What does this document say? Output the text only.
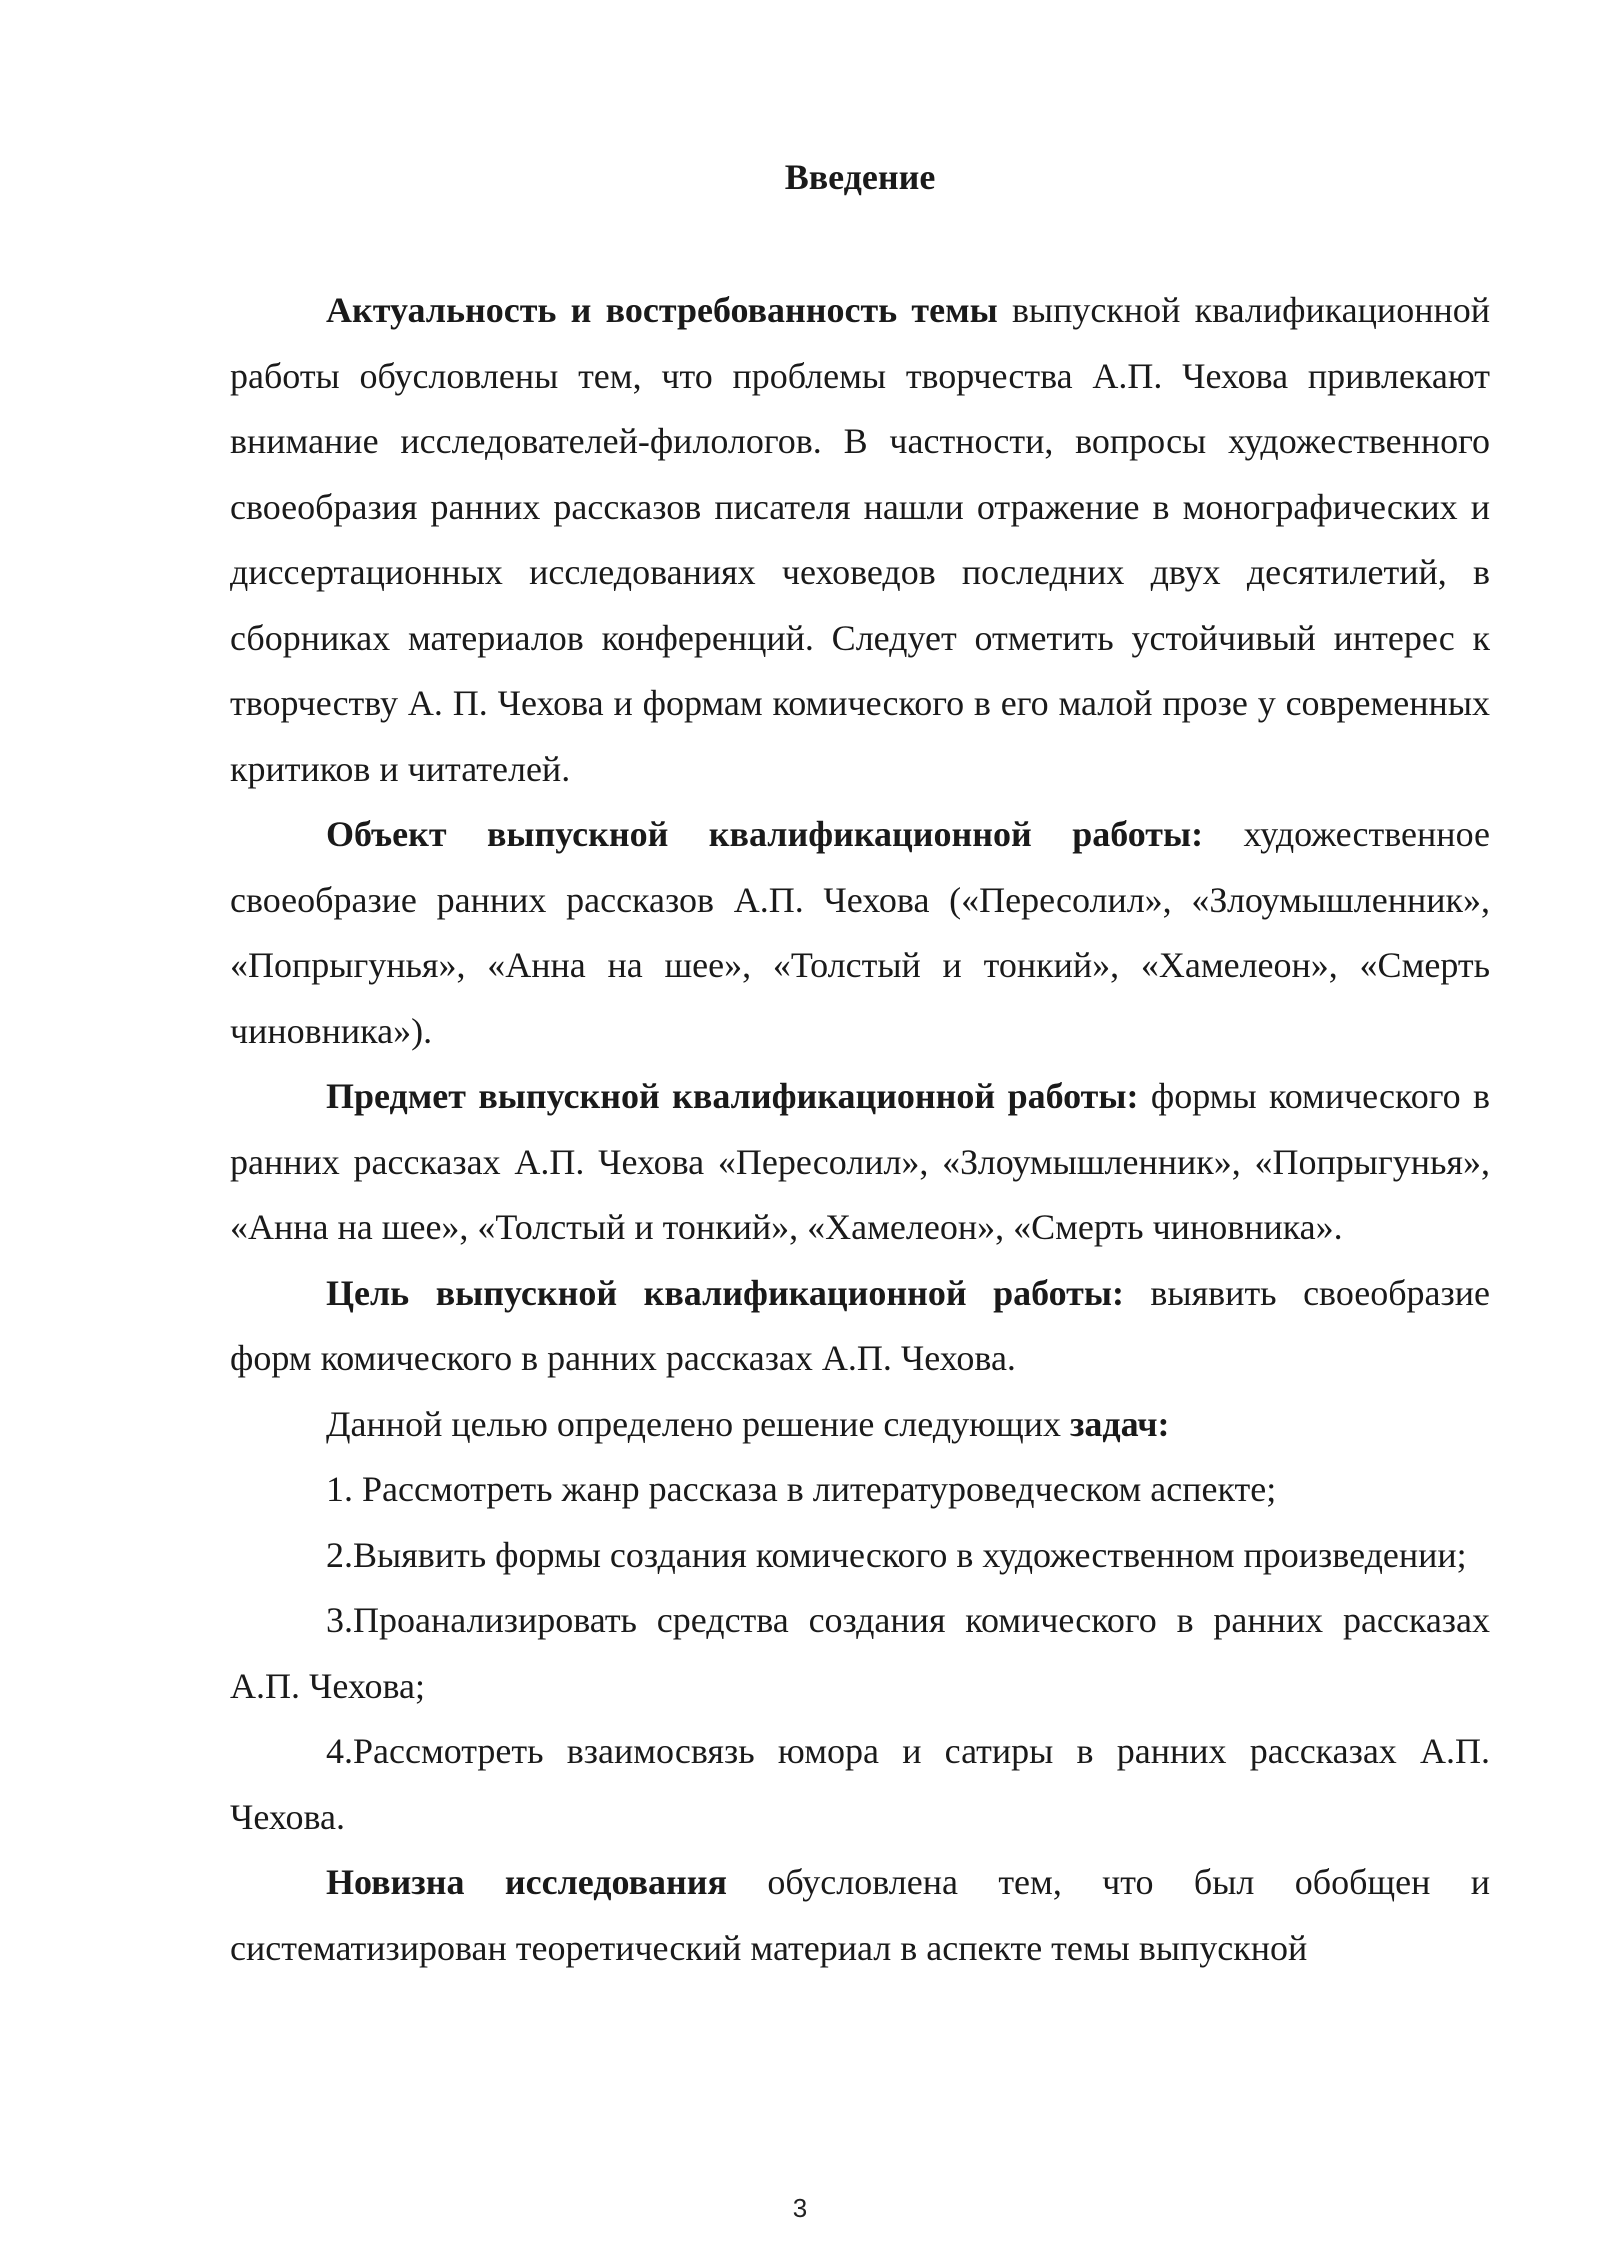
Введение

Актуальность и востребованность темы выпускной квалификационной работы обусловлены тем, что проблемы творчества А.П. Чехова привлекают внимание исследователей-филологов. В частности, вопросы художественного своеобразия ранних рассказов писателя нашли отражение в монографических и диссертационных исследованиях чеховедов последних двух десятилетий, в сборниках материалов конференций. Следует отметить устойчивый интерес к творчеству А. П. Чехова и формам комического в его малой прозе у современных критиков и читателей.

Объект выпускной квалификационной работы: художественное своеобразие ранних рассказов А.П. Чехова («Пересолил», «Злоумышленник», «Попрыгунья», «Анна на шее», «Толстый и тонкий», «Хамелеон», «Смерть чиновника»).

Предмет выпускной квалификационной работы: формы комического в ранних рассказах А.П. Чехова «Пересолил», «Злоумышленник», «Попрыгунья», «Анна на шее», «Толстый и тонкий», «Хамелеон», «Смерть чиновника».

Цель выпускной квалификационной работы: выявить своеобразие форм комического в ранних рассказах А.П. Чехова.

Данной целью определено решение следующих задач:

1. Рассмотреть жанр рассказа в литературоведческом аспекте;

2.Выявить формы создания комического в художественном произведении;

3.Проанализировать средства создания комического в ранних рассказах А.П. Чехова;

4.Рассмотреть взаимосвязь юмора и сатиры в ранних рассказах А.П. Чехова.

Новизна исследования обусловлена тем, что был обобщен и систематизирован теоретический материал в аспекте темы выпускной

3
